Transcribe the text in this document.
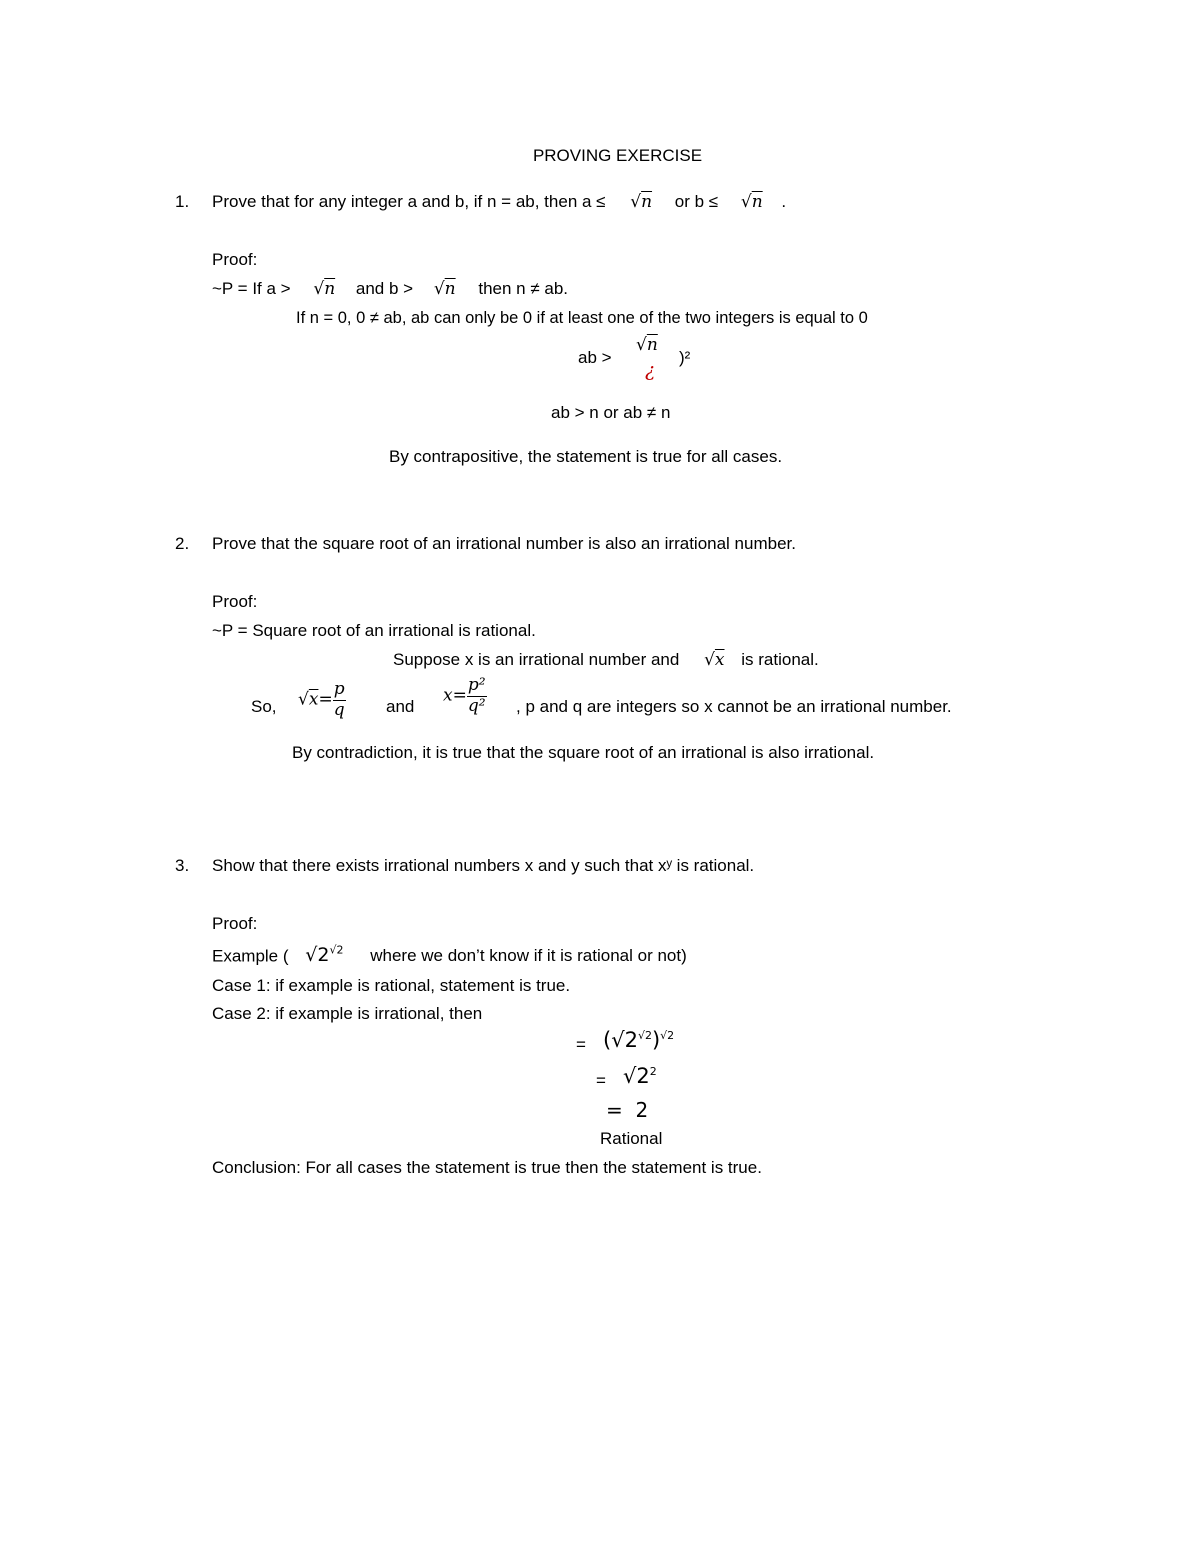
PROVING EXERCISE
1. Prove that for any integer a and b, if n = ab, then a ≤ √n or b ≤ √n .
Proof:
~P = If a > √n and b > √n then n ≠ ab.
If n = 0, 0 ≠ ab, ab can only be 0 if at least one of the two integers is equal to 0
ab >
√n
¿
)²
ab > n or ab ≠ n
By contrapositive, the statement is true for all cases.
2. Prove that the square root of an irrational number is also an irrational number.
Proof:
~P = Square root of an irrational is rational.
Suppose x is an irrational number and √x is rational.
So, $√x= \frac{p}{q}$ and
$x= \frac{\text{p²}}{\text{q²}}$ , p and q are integers so x cannot be an irrational number.
By contradiction, it is true that the square root of an irrational is also irrational.
3. Show that there exists irrational numbers x and y such that xʸ is rational.
Proof:
Example ( $√2^{√2}$ where we don’t know if it is rational or not)
Case 1: if example is rational, statement is true.
Case 2: if example is irrational, then
= $(√2^{√2})^{√2}$
= $√2^2$
=  2
Rational
Conclusion: For all cases the statement is true then the statement is true.
